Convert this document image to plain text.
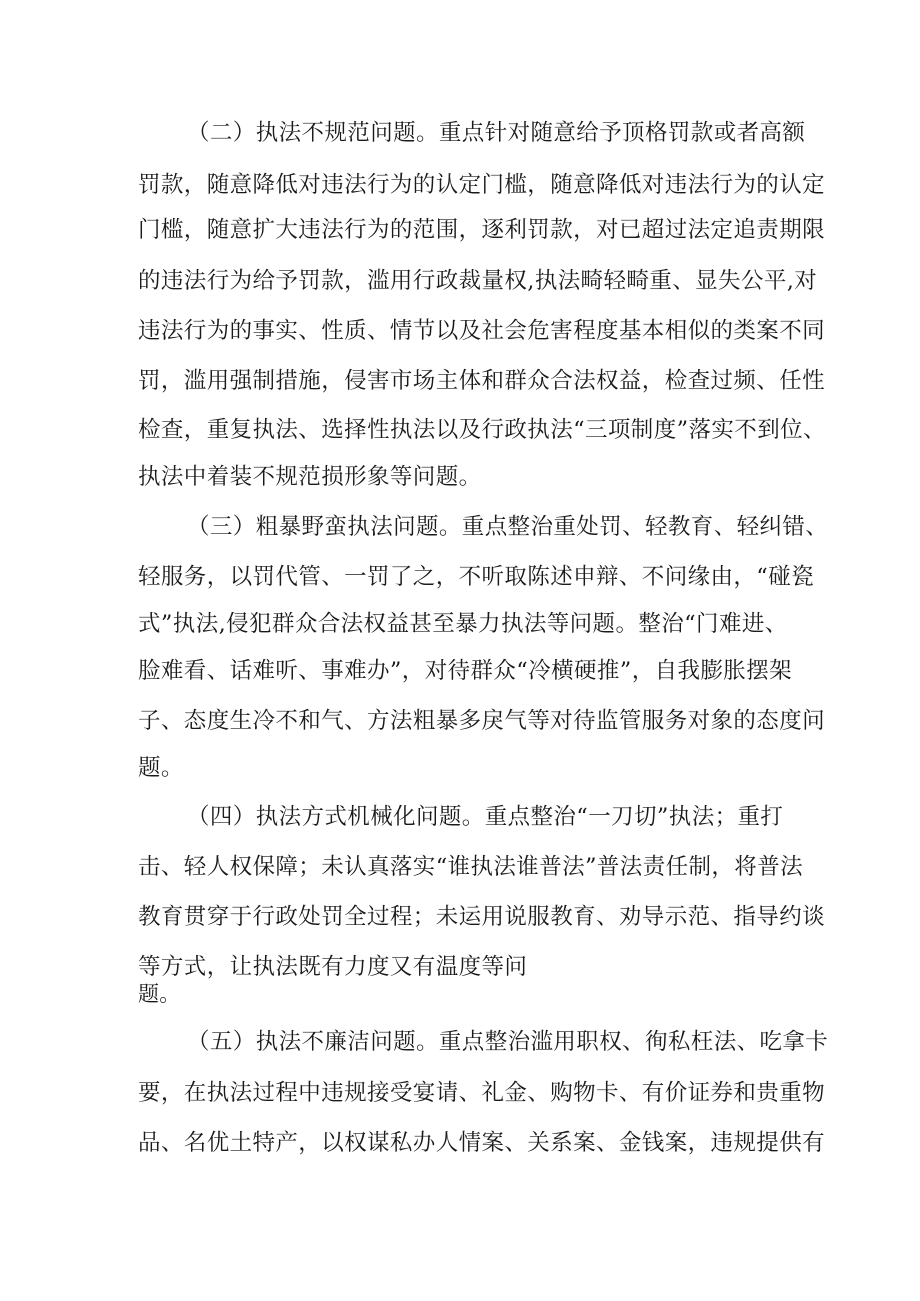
（二）执法不规范问题。重点针对随意给予顶格罚款或者高额
罚款，随意降低对违法行为的认定门槛，随意降低对违法行为的认定
门槛，随意扩大违法行为的范围，逐利罚款，对已超过法定追责期限
的违法行为给予罚款，滥用行政裁量权,执法畸轻畸重、显失公平,对
违法行为的事实、性质、情节以及社会危害程度基本相似的类案不同
罚，滥用强制措施，侵害市场主体和群众合法权益，检查过频、任性
检查，重复执法、选择性执法以及行政执法“三项制度”落实不到位、
执法中着装不规范损形象等问题。
（三）粗暴野蛮执法问题。重点整治重处罚、轻教育、轻纠错、
轻服务，以罚代管、一罚了之，不听取陈述申辩、不问缘由，“碰瓷
式”执法,侵犯群众合法权益甚至暴力执法等问题。整治“门难进、
脸难看、话难听、事难办”，对待群众“冷横硬推”，自我膨胀摆架
子、态度生冷不和气、方法粗暴多戾气等对待监管服务对象的态度问
题。
（四）执法方式机械化问题。重点整治“一刀切”执法；重打
击、轻人权保障；未认真落实“谁执法谁普法”普法责任制，将普法
教育贯穿于行政处罚全过程；未运用说服教育、劝导示范、指导约谈
等方式，让执法既有力度又有温度等问
题。
（五）执法不廉洁问题。重点整治滥用职权、徇私枉法、吃拿卡
要，在执法过程中违规接受宴请、礼金、购物卡、有价证券和贵重物
品、名优土特产，以权谋私办人情案、关系案、金钱案，违规提供有
